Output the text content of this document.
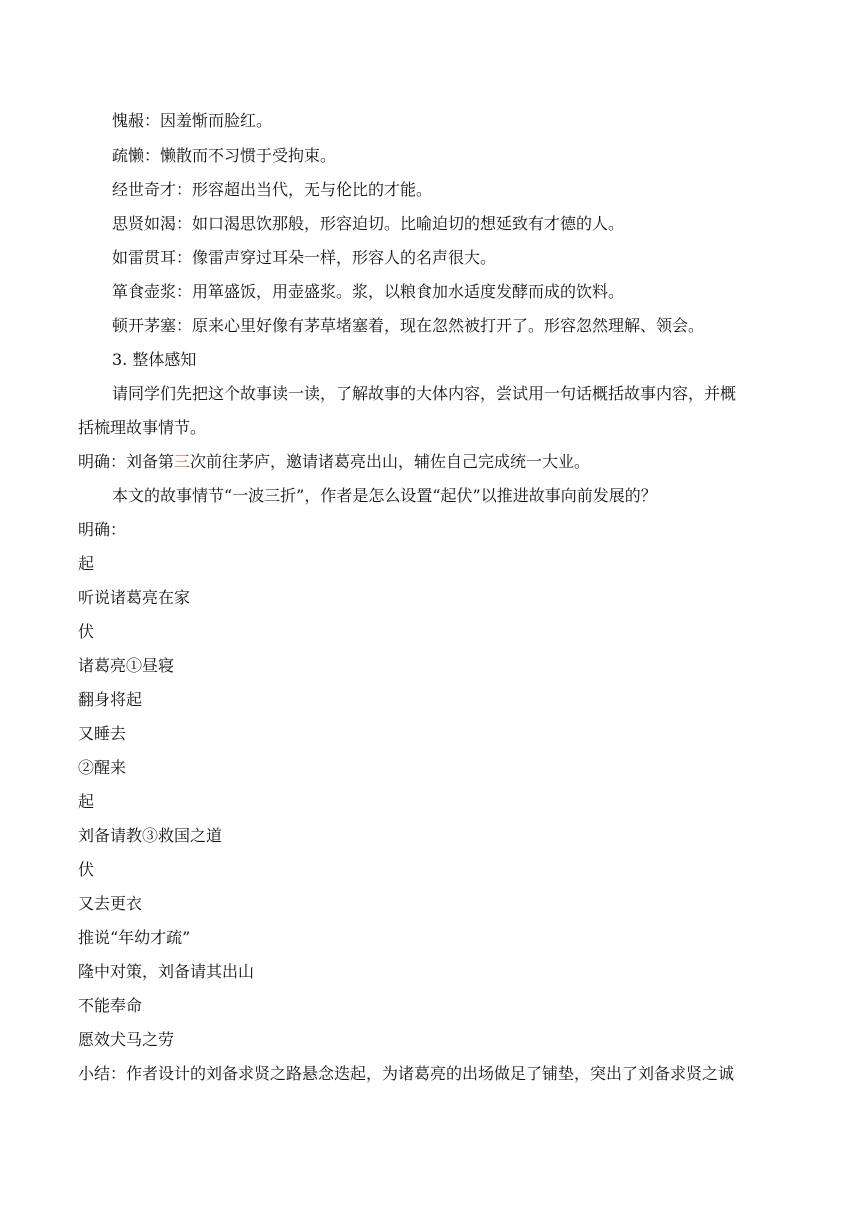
愧赧：因羞惭而脸红。
疏懒：懒散而不习惯于受拘束。
经世奇才：形容超出当代，无与伦比的才能。
思贤如渴：如口渴思饮那般，形容迫切。比喻迫切的想延致有才德的人。
如雷贯耳：像雷声穿过耳朵一样，形容人的名声很大。
箪食壶浆：用箪盛饭，用壶盛浆。浆，以粮食加水适度发酵而成的饮料。
顿开茅塞：原来心里好像有茅草堵塞着，现在忽然被打开了。形容忽然理解、领会。
3. 整体感知
请同学们先把这个故事读一读，了解故事的大体内容，尝试用一句话概括故事内容，并概
括梳理故事情节。
明确：刘备第三次前往茅庐，邀请诸葛亮出山，辅佐自己完成统一大业。
本文的故事情节“一波三折”，作者是怎么设置“起伏”以推进故事向前发展的？
明确：
起
听说诸葛亮在家
伏
诸葛亮①昼寝
翻身将起
又睡去
②醒来
起
刘备请教③救国之道
伏
又去更衣
推说“年幼才疏”
隆中对策，刘备请其出山
不能奉命
愿效犬马之劳
小结：作者设计的刘备求贤之路悬念迭起，为诸葛亮的出场做足了铺垫，突出了刘备求贤之诚
